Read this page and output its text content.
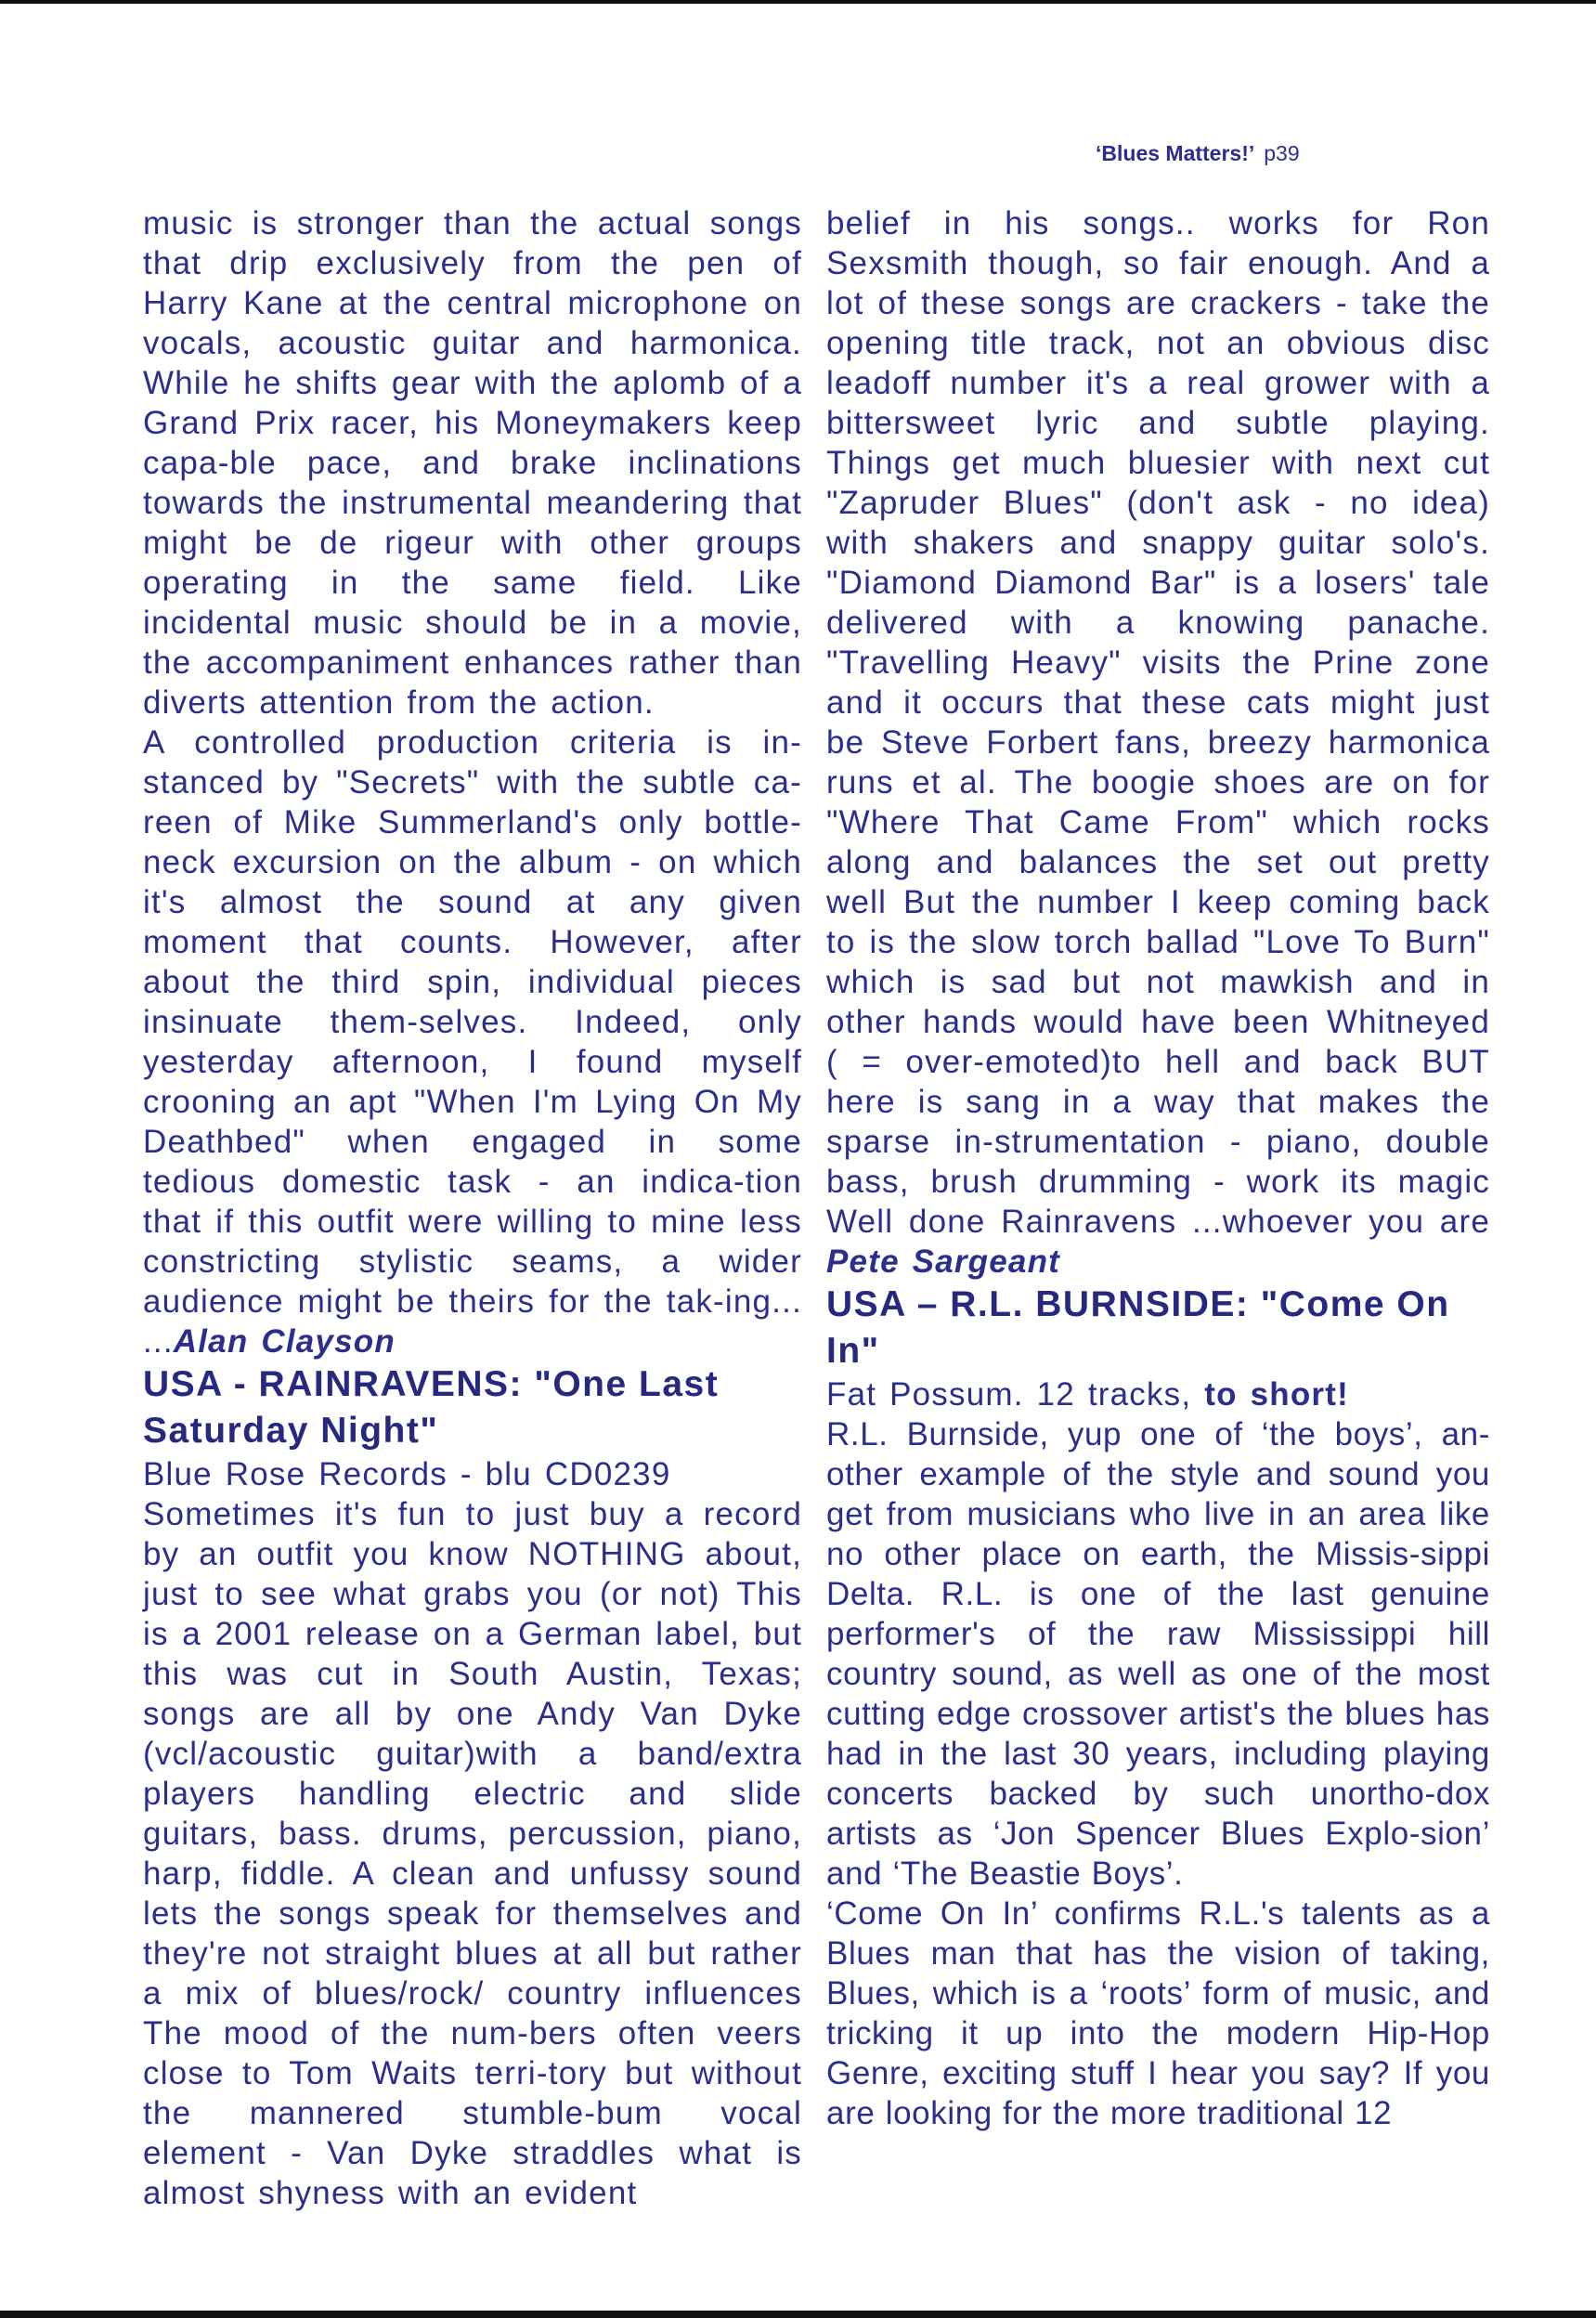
‘Blues Matters!’ p39

music is stronger than the actual songs that drip exclusively from the pen of Harry Kane at the central microphone on vocals, acoustic guitar and harmonica. While he shifts gear with the aplomb of a Grand Prix racer, his Moneymakers keep capa-ble pace, and brake inclinations towards the instrumental meandering that might be de rigeur with other groups operating in the same field. Like incidental music should be in a movie, the accompaniment enhances rather than diverts attention from the action.

A controlled production criteria is in-stanced by "Secrets" with the subtle ca-reen of Mike Summerland's only bottle-neck excursion on the album - on which it's almost the sound at any given moment that counts. However, after about the third spin, individual pieces insinuate them-selves. Indeed, only yesterday afternoon, I found myself crooning an apt "When I'm Lying On My Deathbed" when engaged in some tedious domestic task - an indica-tion that if this outfit were willing to mine less constricting stylistic seams, a wider audience might be theirs for the tak-ing... ...Alan Clayson

USA - RAINRAVENS: "One Last Saturday Night"

Blue Rose Records - blu CD0239

Sometimes it's fun to just buy a record by an outfit you know NOTHING about, just to see what grabs you (or not) This is a 2001 release on a German label, but this was cut in South Austin, Texas; songs are all by one Andy Van Dyke (vcl/acoustic guitar)with a band/extra players handling electric and slide guitars, bass. drums, percussion, piano, harp, fiddle. A clean and unfussy sound lets the songs speak for themselves and they're not straight blues at all but rather a mix of blues/rock/ country influences The mood of the num-bers often veers close to Tom Waits terri-tory but without the mannered stumble-bum vocal element - Van Dyke straddles what is almost shyness with an evident

belief in his songs.. works for Ron Sexsmith though, so fair enough. And a lot of these songs are crackers - take the opening title track, not an obvious disc leadoff number it's a real grower with a bittersweet lyric and subtle playing. Things get much bluesier with next cut "Zapruder Blues" (don't ask - no idea) with shakers and snappy guitar solo's. "Diamond Diamond Bar" is a losers' tale delivered with a knowing panache. "Travelling Heavy" visits the Prine zone and it occurs that these cats might just be Steve Forbert fans, breezy harmonica runs et al. The boogie shoes are on for "Where That Came From" which rocks along and balances the set out pretty well But the number I keep coming back to is the slow torch ballad "Love To Burn" which is sad but not mawkish and in other hands would have been Whitneyed ( = over-emoted)to hell and back BUT here is sang in a way that makes the sparse in-strumentation - piano, double bass, brush drumming - work its magic Well done Rainravens ...whoever you are Pete Sargeant

USA – R.L. BURNSIDE: "Come On In"

Fat Possum. 12 tracks, to short!

R.L. Burnside, yup one of ‘the boys’, an-other example of the style and sound you get from musicians who live in an area like no other place on earth, the Missis-sippi Delta. R.L. is one of the last genuine performer's of the raw Mississippi hill country sound, as well as one of the most cutting edge crossover artist's the blues has had in the last 30 years, including playing concerts backed by such unortho-dox artists as ‘Jon Spencer Blues Explo-sion’ and ‘The Beastie Boys’.

‘Come On In’ confirms R.L.'s talents as a Blues man that has the vision of taking, Blues, which is a ‘roots’ form of music, and tricking it up into the modern Hip-Hop Genre, exciting stuff I hear you say? If you are looking for the more traditional 12
